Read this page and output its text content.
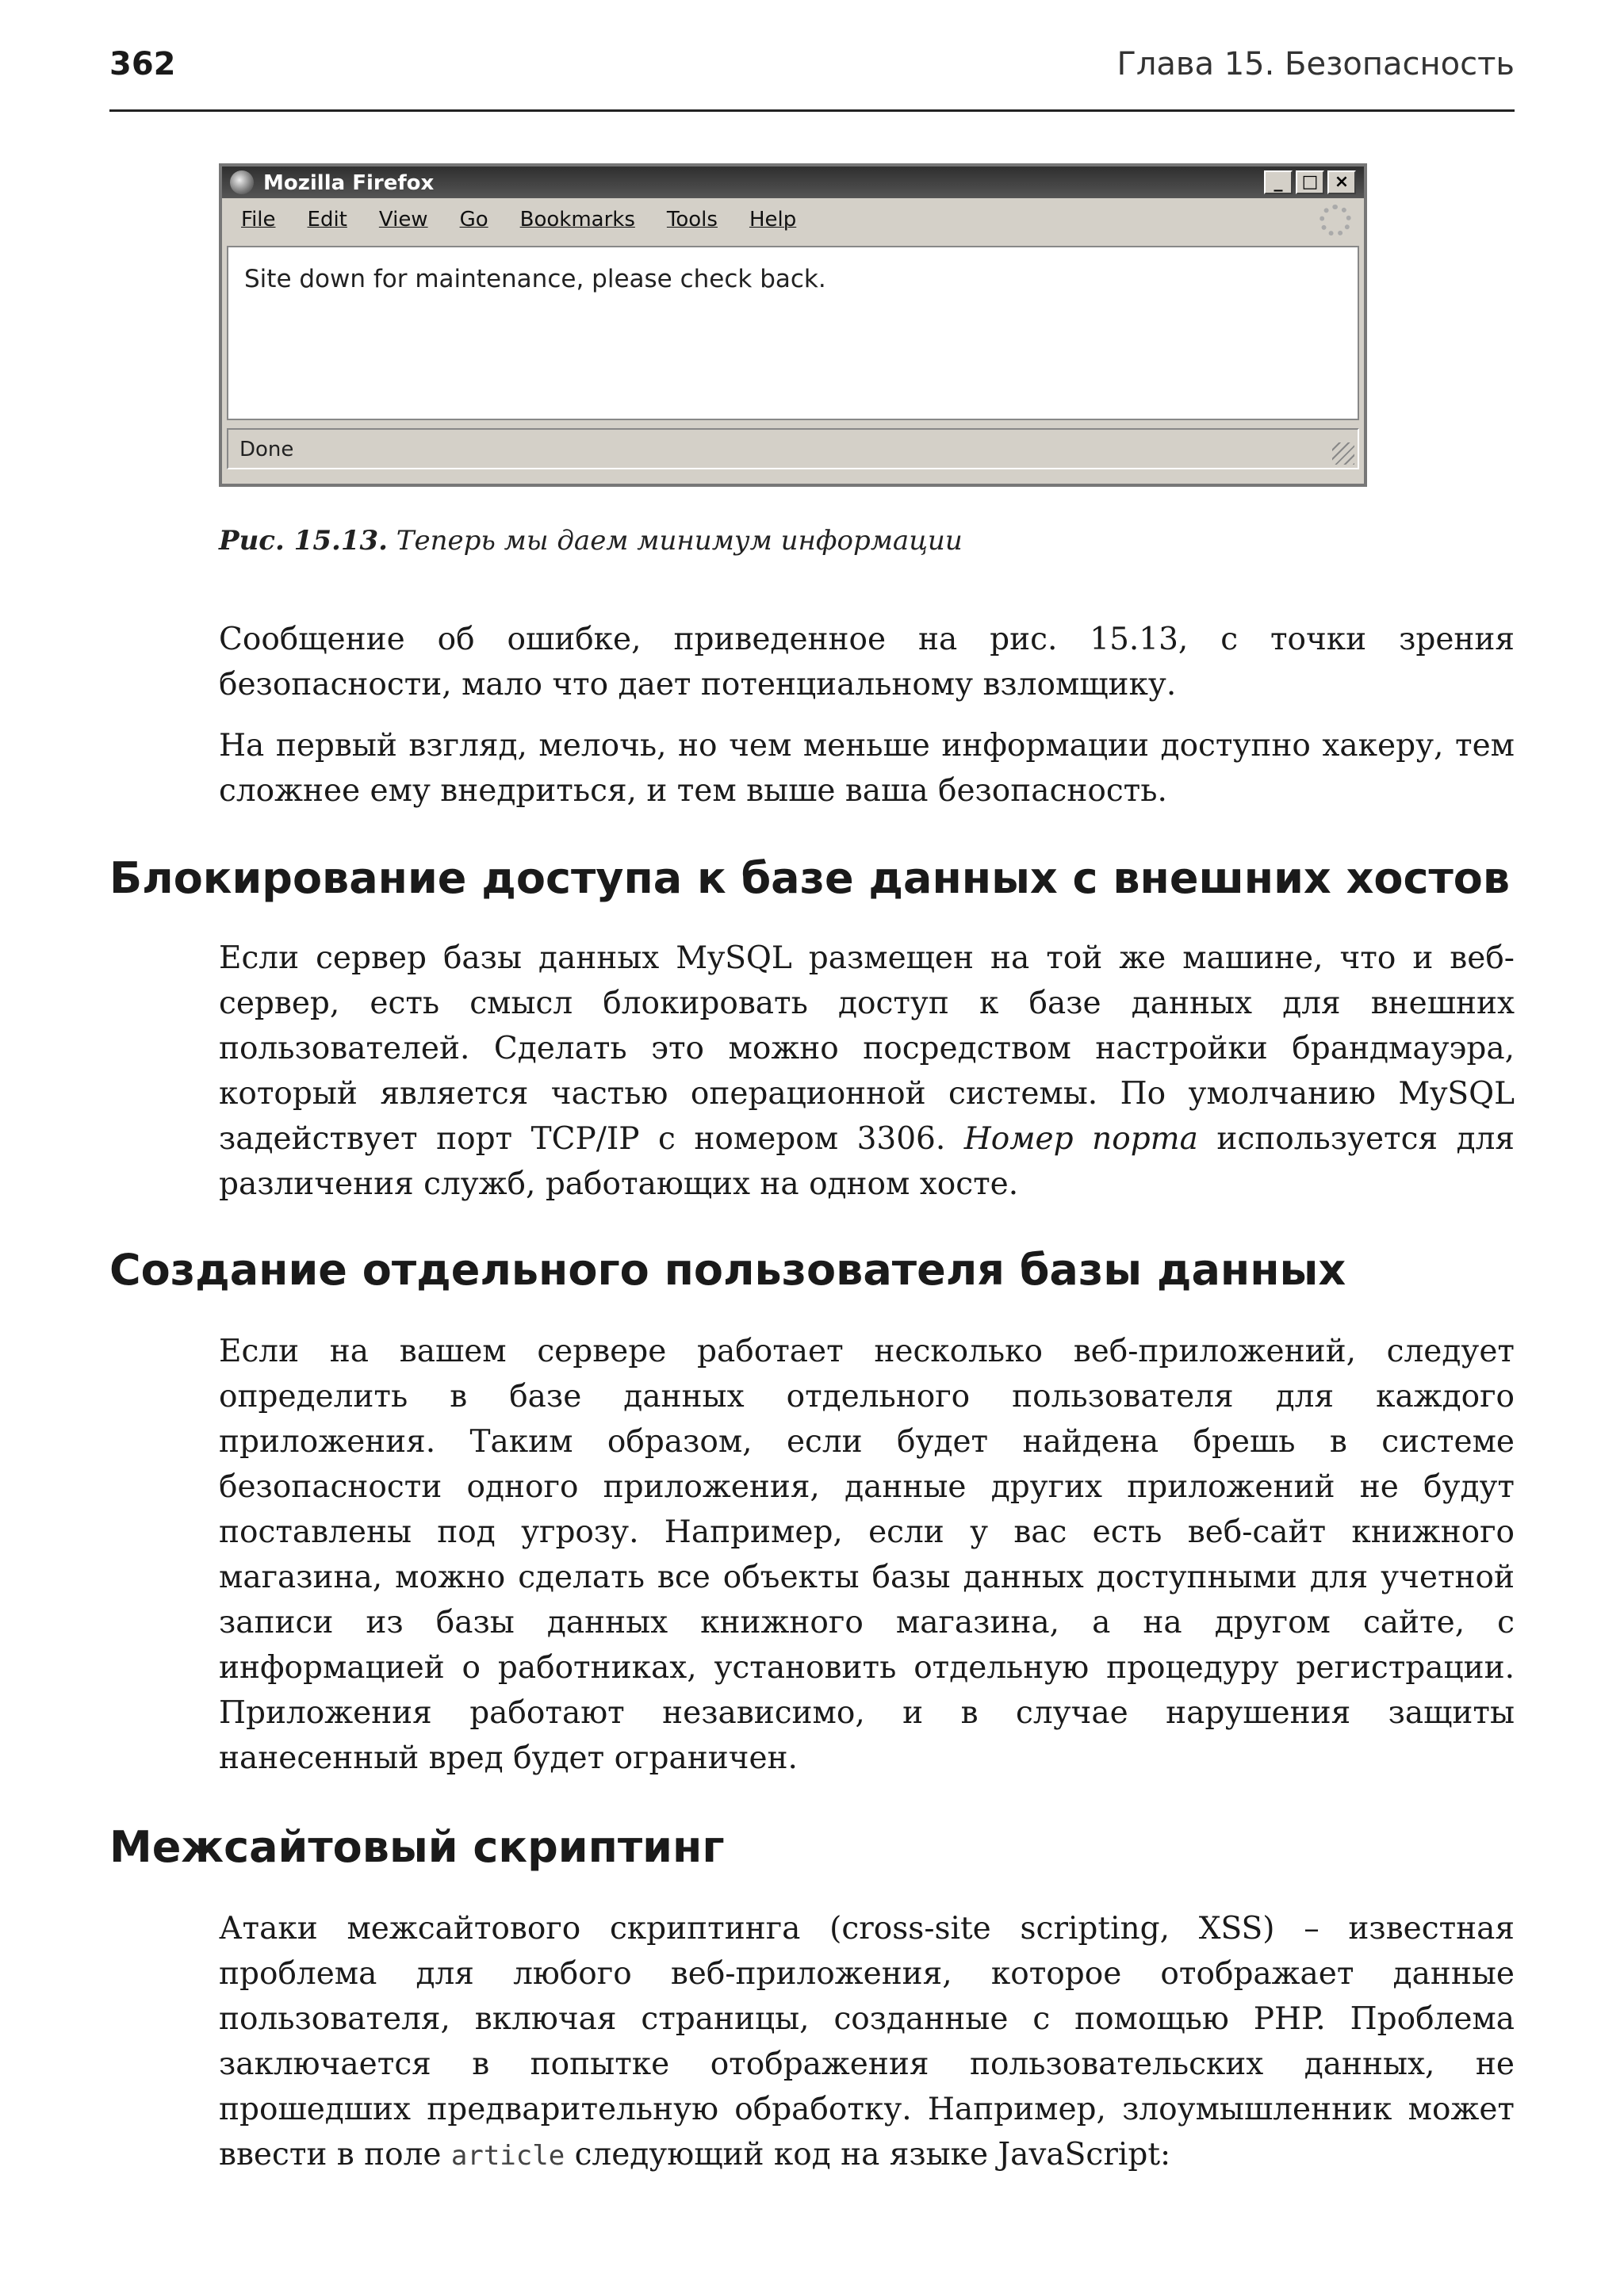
362	Глава 15. Безопасность
Mozilla Firefox	_	□ ×
File Edit View Go Bookmarks Tools Help
Site down for maintenance, please check back.
Done
Рис. 15.13. Теперь мы даем минимум информации

Сообщение об ошибке, приведенное на рис. 15.13, с точки зрения безопасности, мало что дает потенциальному взломщику.

На первый взгляд, мелочь, но чем меньше информации доступно хакеру, тем сложнее ему внедриться, и тем выше ваша безопасность.

Блокирование доступа к базе данных с внешних хостов

Если сервер базы данных MySQL размещен на той же машине, что и веб-сервер, есть смысл блокировать доступ к базе данных для внешних пользователей. Сделать это можно посредством настройки брандмауэра, который является частью операционной системы. По умолчанию MySQL задействует порт TCP/IP с номером 3306. Номер порта используется для различения служб, работающих на одном хосте.

Создание отдельного пользователя базы данных

Если на вашем сервере работает несколько веб-приложений, следует определить в базе данных отдельного пользователя для каждого приложения. Таким образом, если будет найдена брешь в системе безопасности одного приложения, данные других приложений не будут поставлены под угрозу. Например, если у вас есть веб-сайт книжного магазина, можно сделать все объекты базы данных доступными для учетной записи из базы данных книжного магазина, а на другом сайте, с информацией о работниках, установить отдельную процедуру регистрации. Приложения работают независимо, и в случае нарушения защиты нанесенный вред будет ограничен.

Межсайтовый скриптинг

Атаки межсайтового скриптинга (cross-site scripting, XSS) – известная проблема для любого веб-приложения, которое отображает данные пользователя, включая страницы, созданные с помощью PHP. Проблема заключается в попытке отображения пользовательских данных, не прошедших предварительную обработку. Например, злоумышленник может ввести в поле article следующий код на языке JavaScript:
